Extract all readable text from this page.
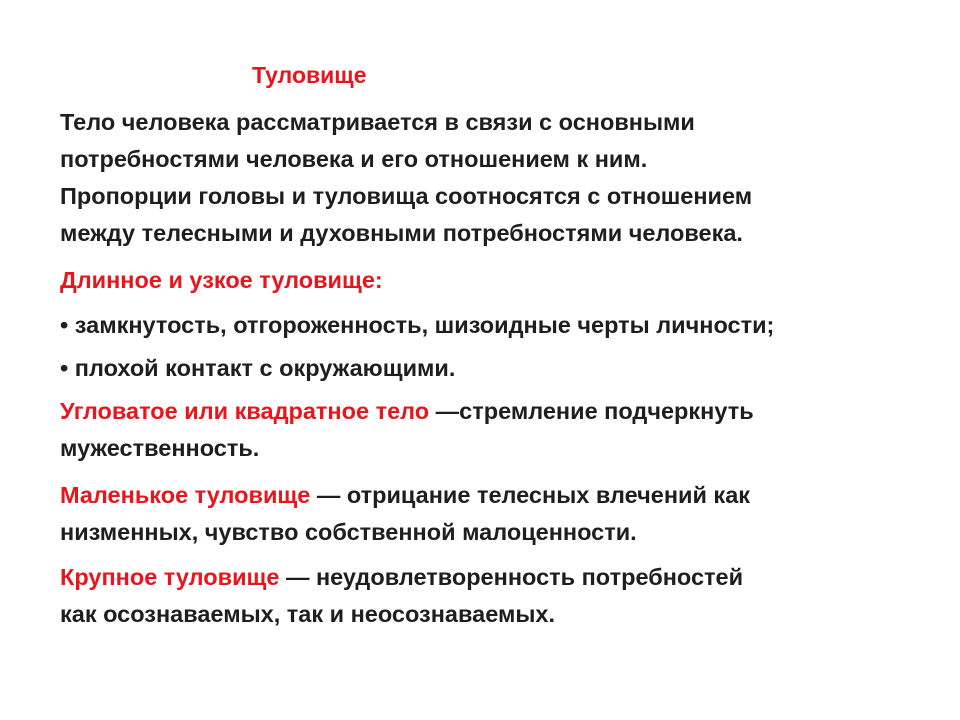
Туловище
Тело человека рассматривается в связи с основными
потребностями человека и его отношением к ним.
Пропорции головы и туловища соотносятся с отношением
между телесными и духовными потребностями человека.
Длинное и узкое туловище:
• замкнутость, отгороженность, шизоидные черты личности;
• плохой контакт с окружающими.
Угловатое или квадратное тело —стремление подчеркнуть
мужественность.
Маленькое туловище — отрицание телесных влечений как
низменных, чувство собственной малоценности.
Крупное туловище — неудовлетворенность потребностей
как осознаваемых, так и неосознаваемых.
